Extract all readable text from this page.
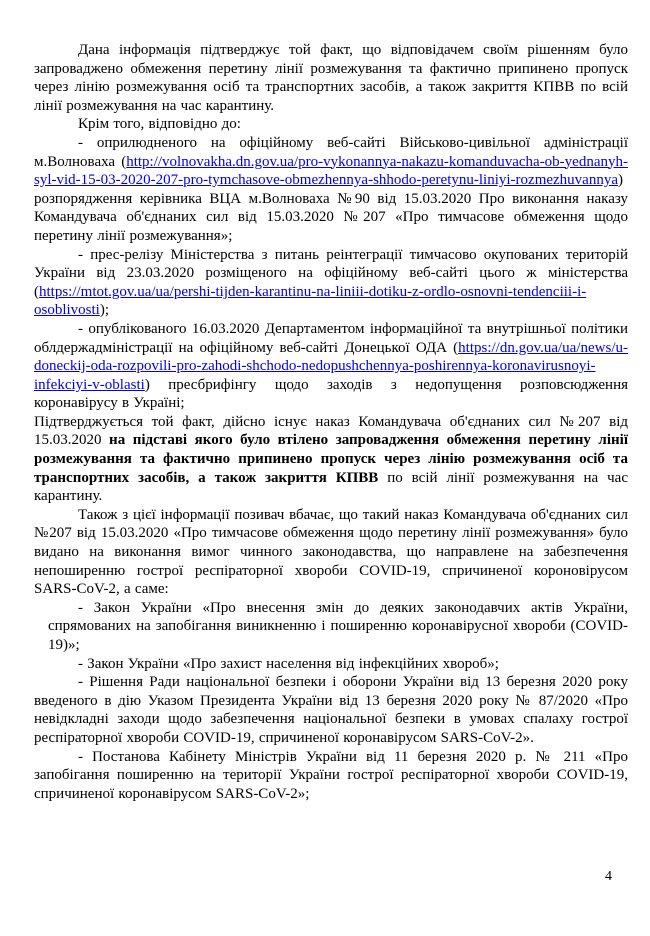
Дана інформація підтверджує той факт, що відповідачем своїм рішенням було запроваджено обмеження перетину лінії розмежування та фактично припинено пропуск через лінію розмежування осіб та транспортних засобів, а також закриття КПВВ по всій лінії розмежування на час карантину.

Крім того, відповідно до:

- оприлюдненого на офіційному веб-сайті Військово-цивільної адміністрації м.Волноваха (http://volnovakha.dn.gov.ua/pro-vykonannya-nakazu-komanduvacha-ob-yednanyh-syl-vid-15-03-2020-207-pro-tymchasove-obmezhennya-shhodo-peretynu-liniyi-rozmezhuvannya) розпорядження керівника ВЦА м.Волноваха №90 від 15.03.2020 Про виконання наказу Командувача об'єднаних сил від 15.03.2020 №207 «Про тимчасове обмеження щодо перетину лінії розмежування»;

- прес-релізу Міністерства з питань реінтеграції тимчасово окупованих територій України від 23.03.2020 розміщеного на офіційному веб-сайті цього ж міністерства (https://mtot.gov.ua/ua/pershi-tijden-karantinu-na-liniii-dotiku-z-ordlo-osnovni-tendenciii-i-osoblivosti);

- опублікованого 16.03.2020 Департаментом інформаційної та внутрішньої політики облдержадміністрації на офіційному веб-сайті Донецької ОДА (https://dn.gov.ua/ua/news/u-doneckij-oda-rozpovili-pro-zahodi-shchodo-nedopushchennya-poshirennya-koronavirusnoyi-infekciyi-v-oblasti) пресбрифінгу щодо заходів з недопущення розповсюдження коронавірусу в Україні;

Підтверджується той факт, дійсно існує наказ Командувача об'єднаних сил №207 від 15.03.2020 на підставі якого було втілено запровадження обмеження перетину лінії розмежування та фактично припинено пропуск через лінію розмежування осіб та транспортних засобів, а також закриття КПВВ по всій лінії розмежування на час карантину.

Також з цієї інформації позивач вбачає, що такий наказ Командувача об'єднаних сил №207 від 15.03.2020 «Про тимчасове обмеження щодо перетину лінії розмежування» було видано на виконання вимог чинного законодавства, що направлене на забезпечення непоширенню гострої респіраторної хвороби COVID-19, спричиненої короновірусом SARS-CoV-2, а саме:

- Закон України «Про внесення змін до деяких законодавчих актів України, спрямованих на запобігання виникненню і поширенню коронавірусної хвороби (COVID-19)»;

- Закон України «Про захист населення від інфекційних хвороб»;

- Рішення Ради національної безпеки і оборони України від 13 березня 2020 року введеного в дію Указом Президента України від 13 березня 2020 року № 87/2020 «Про невідкладні заходи щодо забезпечення національної безпеки в умовах спалаху гострої респіраторної хвороби COVID-19, спричиненої коронавірусом SARS-CoV-2».

- Постанова Кабінету Міністрів України від 11 березня 2020 р. № 211 «Про запобігання поширенню на території України гострої респіраторної хвороби COVID-19, спричиненої коронавірусом SARS-CoV-2»;

4
